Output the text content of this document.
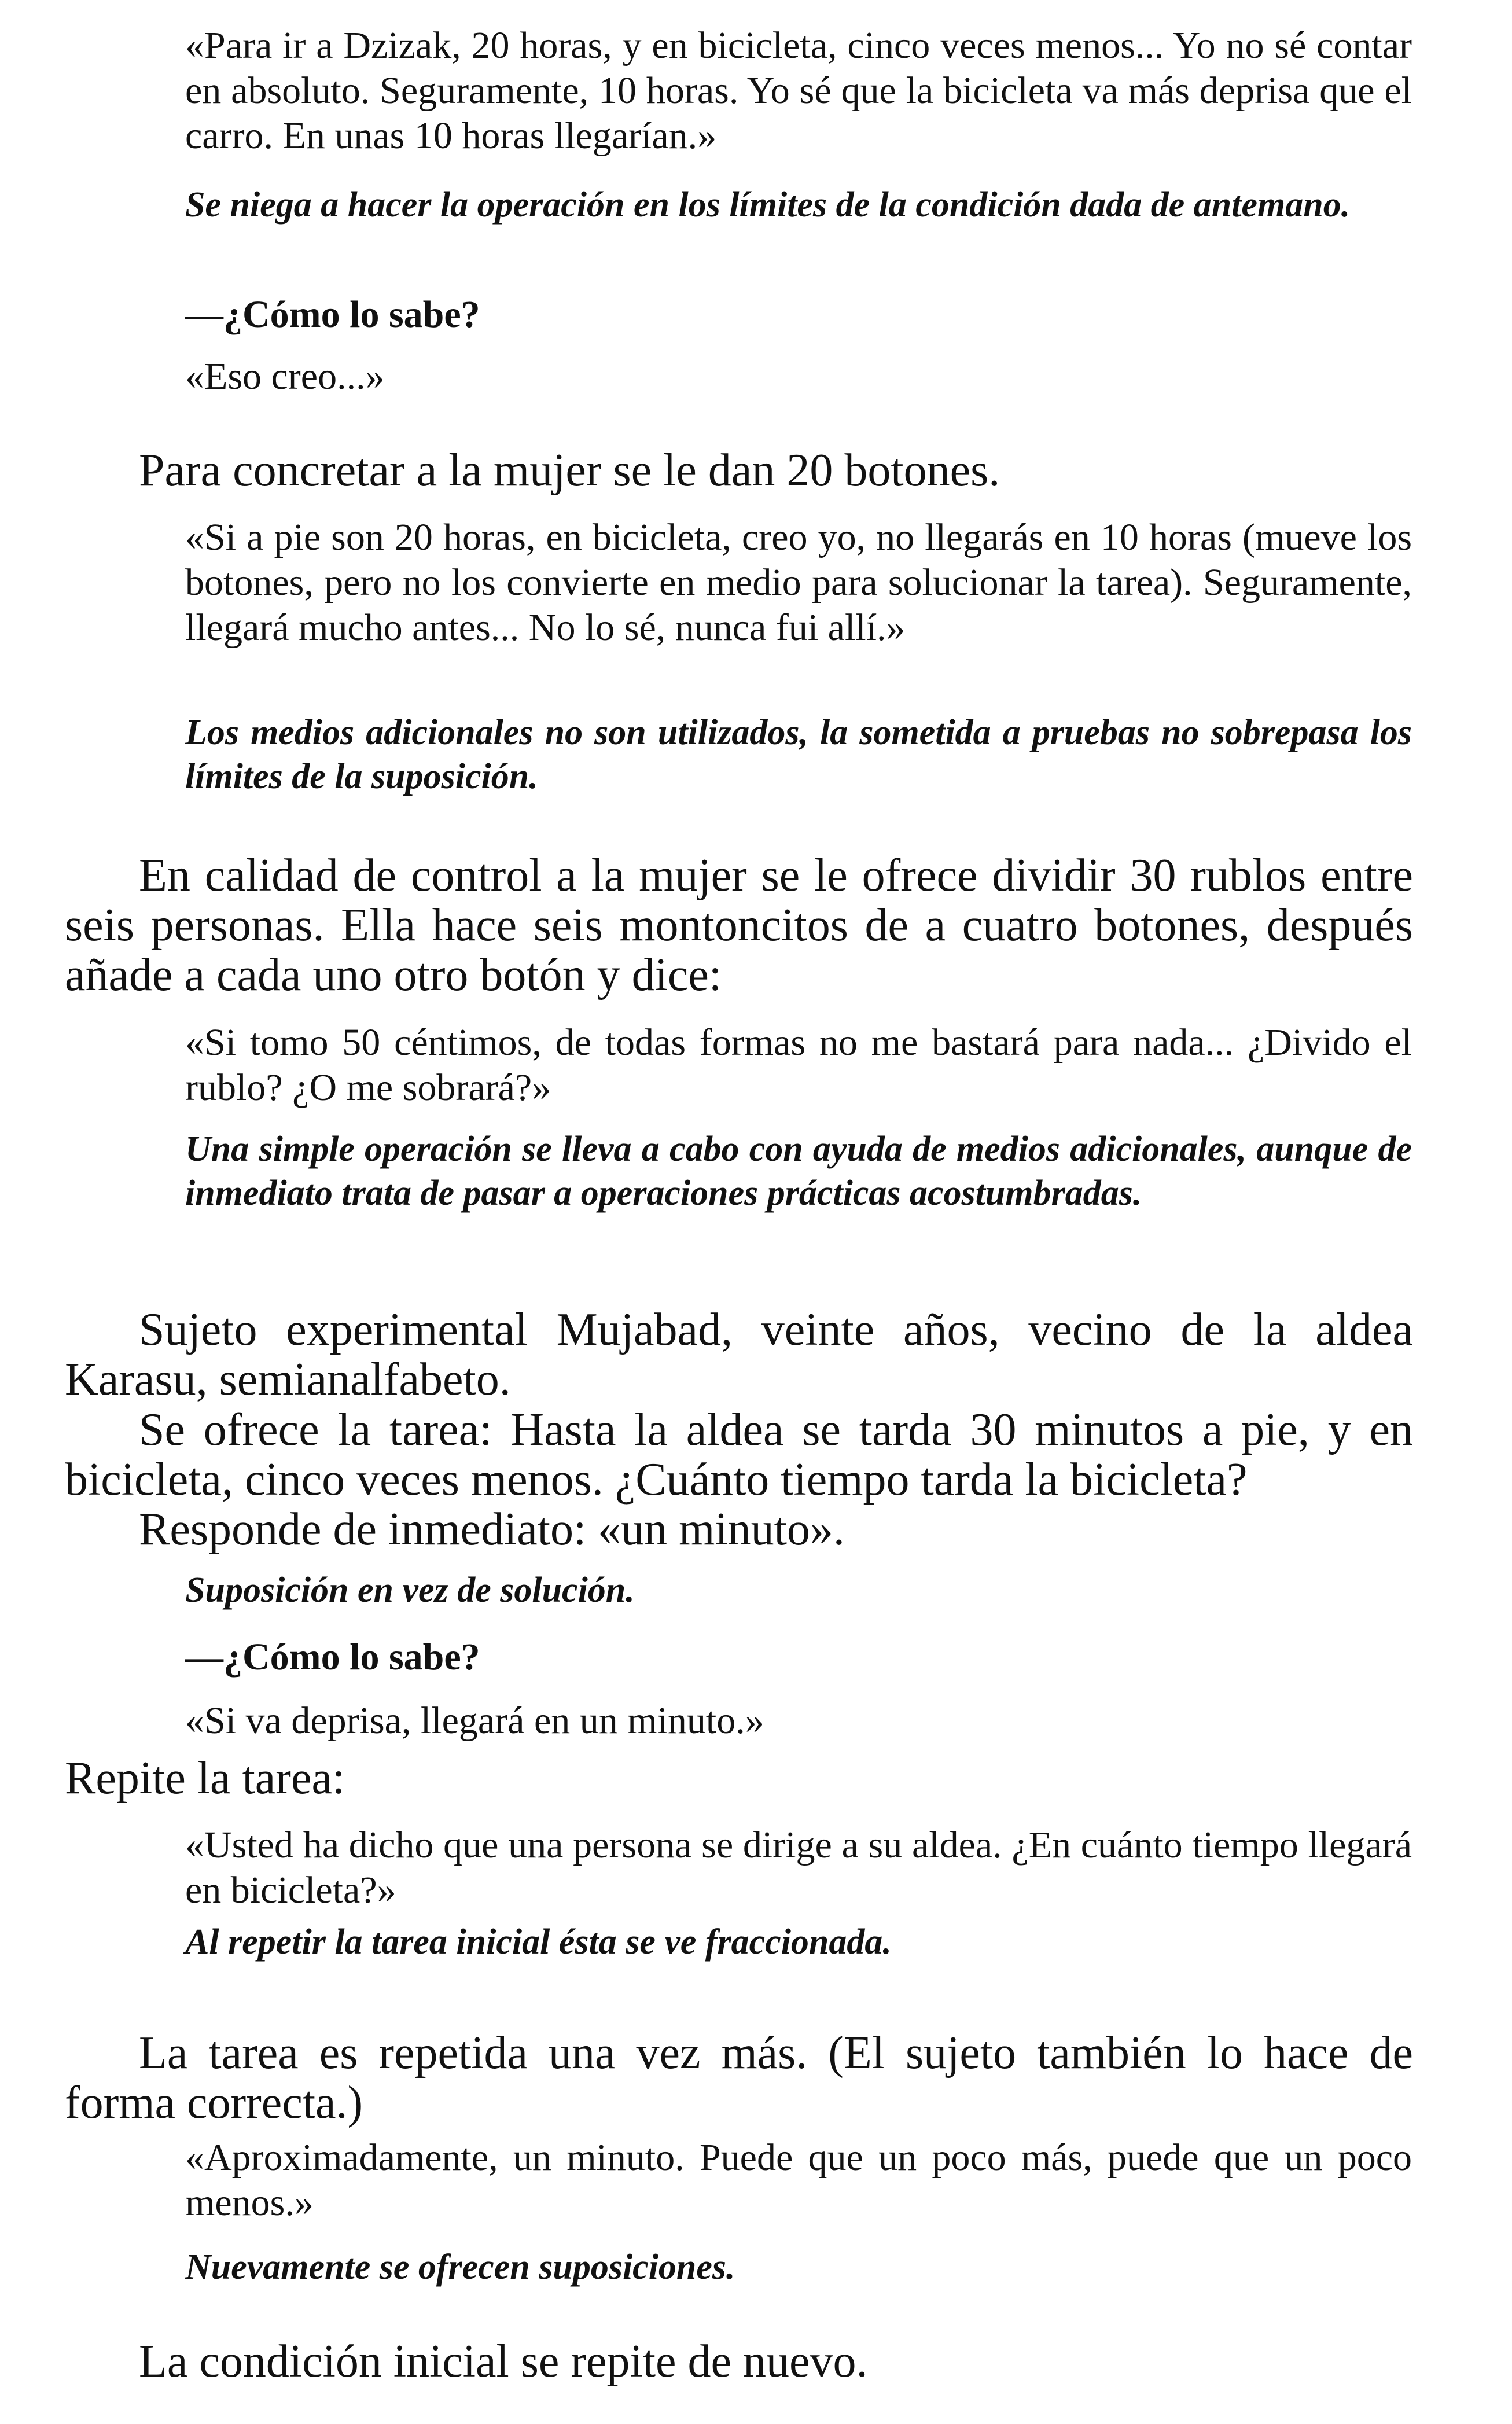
«Para ir a Dzizak, 20 horas, y en bicicleta, cinco veces menos... Yo no sé contar en absoluto. Seguramente, 10 horas. Yo sé que la bicicleta va más deprisa que el carro. En unas 10 horas llegarían.»

Se niega a hacer la operación en los límites de la condición dada de antemano.

—¿Cómo lo sabe?

«Eso creo...»

Para concretar a la mujer se le dan 20 botones.

«Si a pie son 20 horas, en bicicleta, creo yo, no llegarás en 10 horas (mueve los botones, pero no los convierte en medio para solucionar la tarea). Seguramente, llegará mucho antes... No lo sé, nunca fui allí.»

Los medios adicionales no son utilizados, la sometida a pruebas no sobrepasa los límites de la suposición.

En calidad de control a la mujer se le ofrece dividir 30 rublos entre seis personas. Ella hace seis montoncitos de a cuatro botones, después añade a cada uno otro botón y dice:

«Si tomo 50 céntimos, de todas formas no me bastará para nada... ¿Divido el rublo? ¿O me sobrará?»

Una simple operación se lleva a cabo con ayuda de medios adicionales, aunque de inmediato trata de pasar a operaciones prácticas acostumbradas.

Sujeto experimental Mujabad, veinte años, vecino de la aldea Karasu, semianalfabeto.

Se ofrece la tarea: Hasta la aldea se tarda 30 minutos a pie, y en bicicleta, cinco veces menos. ¿Cuánto tiempo tarda la bicicleta?

Responde de inmediato: «un minuto».

Suposición en vez de solución.

—¿Cómo lo sabe?

«Si va deprisa, llegará en un minuto.»

Repite la tarea:

«Usted ha dicho que una persona se dirige a su aldea. ¿En cuánto tiempo llegará en bicicleta?»

Al repetir la tarea inicial ésta se ve fraccionada.

La tarea es repetida una vez más. (El sujeto también lo hace de forma correcta.)

«Aproximadamente, un minuto. Puede que un poco más, puede que un poco menos.»

Nuevamente se ofrecen suposiciones.

La condición inicial se repite de nuevo.
